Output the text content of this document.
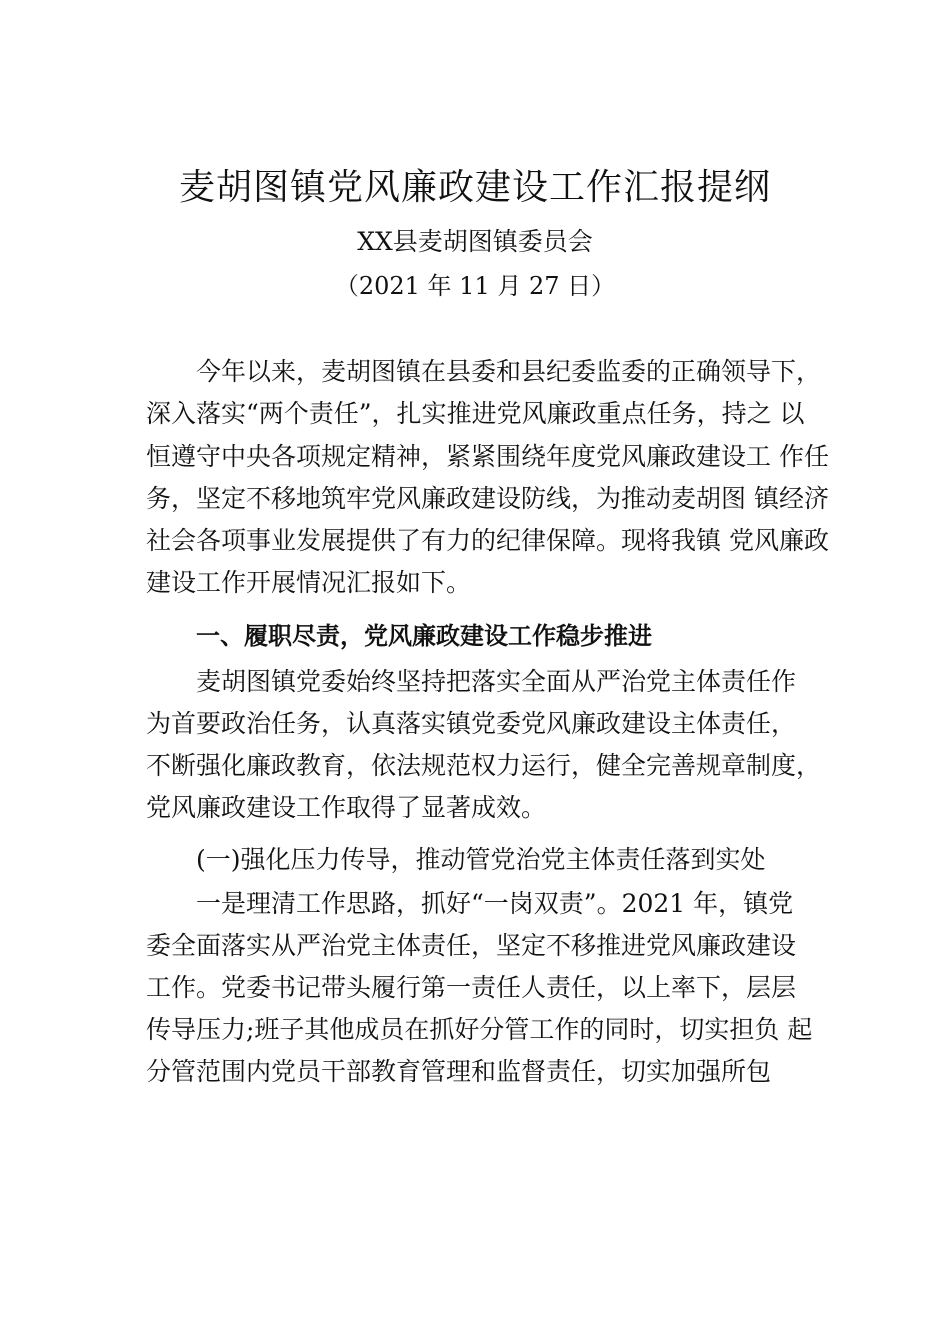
麦胡图镇党风廉政建设工作汇报提纲
XX县麦胡图镇委员会
（2021 年 11 月 27 日）
今年以来，麦胡图镇在县委和县纪委监委的正确领导下，
深入落实“两个责任”，扎实推进党风廉政重点任务，持之 以
恒遵守中央各项规定精神，紧紧围绕年度党风廉政建设工 作任
务，坚定不移地筑牢党风廉政建设防线，为推动麦胡图 镇经济
社会各项事业发展提供了有力的纪律保障。现将我镇 党风廉政
建设工作开展情况汇报如下。
一、履职尽责，党风廉政建设工作稳步推进
麦胡图镇党委始终坚持把落实全面从严治党主体责任作
为首要政治任务，认真落实镇党委党风廉政建设主体责任，
不断强化廉政教育，依法规范权力运行，健全完善规章制度，
党风廉政建设工作取得了显著成效。
(一)强化压力传导，推动管党治党主体责任落到实处
一是理清工作思路，抓好“一岗双责”。2021 年，镇党
委全面落实从严治党主体责任，坚定不移推进党风廉政建设
工作。党委书记带头履行第一责任人责任，以上率下，层层
传导压力;班子其他成员在抓好分管工作的同时，切实担负 起
分管范围内党员干部教育管理和监督责任，切实加强所包
